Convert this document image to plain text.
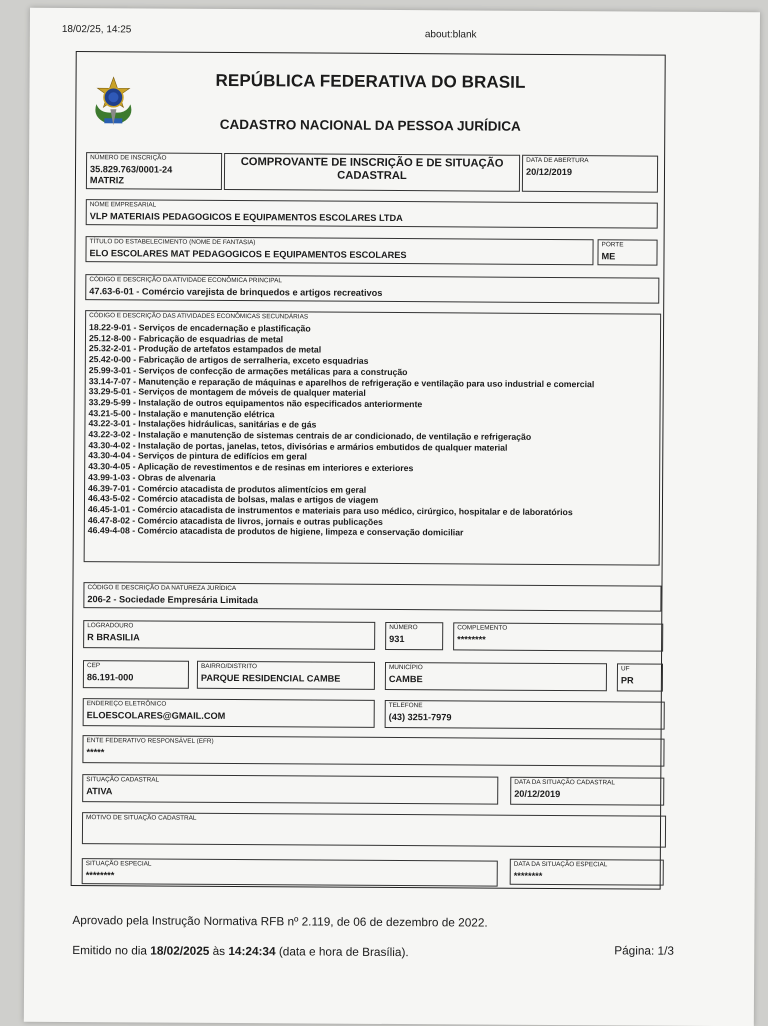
18/02/25, 14:25	about:blank
REPÚBLICA FEDERATIVA DO BRASIL
CADASTRO NACIONAL DA PESSOA JURÍDICA
NÚMERO DE INSCRIÇÃO
35.829.763/0001-24
MATRIZ
COMPROVANTE DE INSCRIÇÃO E DE SITUAÇÃO
CADASTRAL
DATA DE ABERTURA
20/12/2019
NOME EMPRESARIAL
VLP MATERIAIS PEDAGOGICOS E EQUIPAMENTOS ESCOLARES LTDA
TÍTULO DO ESTABELECIMENTO (NOME DE FANTASIA)
ELO ESCOLARES MAT PEDAGOGICOS E EQUIPAMENTOS ESCOLARES
PORTE
ME
CÓDIGO E DESCRIÇÃO DA ATIVIDADE ECONÔMICA PRINCIPAL
47.63-6-01 - Comércio varejista de brinquedos e artigos recreativos
CÓDIGO E DESCRIÇÃO DAS ATIVIDADES ECONÔMICAS SECUNDÁRIAS
18.22-9-01 - Serviços de encadernação e plastificação
25.12-8-00 - Fabricação de esquadrias de metal
25.32-2-01 - Produção de artefatos estampados de metal
25.42-0-00 - Fabricação de artigos de serralheria, exceto esquadrias
25.99-3-01 - Serviços de confecção de armações metálicas para a construção
33.14-7-07 - Manutenção e reparação de máquinas e aparelhos de refrigeração e ventilação para uso industrial e comercial
33.29-5-01 - Serviços de montagem de móveis de qualquer material
33.29-5-99 - Instalação de outros equipamentos não especificados anteriormente
43.21-5-00 - Instalação e manutenção elétrica
43.22-3-01 - Instalações hidráulicas, sanitárias e de gás
43.22-3-02 - Instalação e manutenção de sistemas centrais de ar condicionado, de ventilação e refrigeração
43.30-4-02 - Instalação de portas, janelas, tetos, divisórias e armários embutidos de qualquer material
43.30-4-04 - Serviços de pintura de edifícios em geral
43.30-4-05 - Aplicação de revestimentos e de resinas em interiores e exteriores
43.99-1-03 - Obras de alvenaria
46.39-7-01 - Comércio atacadista de produtos alimentícios em geral
46.43-5-02 - Comércio atacadista de bolsas, malas e artigos de viagem
46.45-1-01 - Comércio atacadista de instrumentos e materiais para uso médico, cirúrgico, hospitalar e de laboratórios
46.47-8-02 - Comércio atacadista de livros, jornais e outras publicações
46.49-4-08 - Comércio atacadista de produtos de higiene, limpeza e conservação domiciliar
CÓDIGO E DESCRIÇÃO DA NATUREZA JURÍDICA
206-2 - Sociedade Empresária Limitada
LOGRADOURO
R BRASILIA
NÚMERO
931
COMPLEMENTO
********
CEP
86.191-000
BAIRRO/DISTRITO
PARQUE RESIDENCIAL CAMBE
MUNICÍPIO
CAMBE
UF
PR
ENDEREÇO ELETRÔNICO
ELOESCOLARES@GMAIL.COM
TELEFONE
(43) 3251-7979
ENTE FEDERATIVO RESPONSÁVEL (EFR)
*****
SITUAÇÃO CADASTRAL
ATIVA
DATA DA SITUAÇÃO CADASTRAL
20/12/2019
MOTIVO DE SITUAÇÃO CADASTRAL
SITUAÇÃO ESPECIAL
********
DATA DA SITUAÇÃO ESPECIAL
********
Aprovado pela Instrução Normativa RFB nº 2.119, de 06 de dezembro de 2022.
Emitido no dia 18/02/2025 às 14:24:34 (data e hora de Brasília).	Página: 1/3
